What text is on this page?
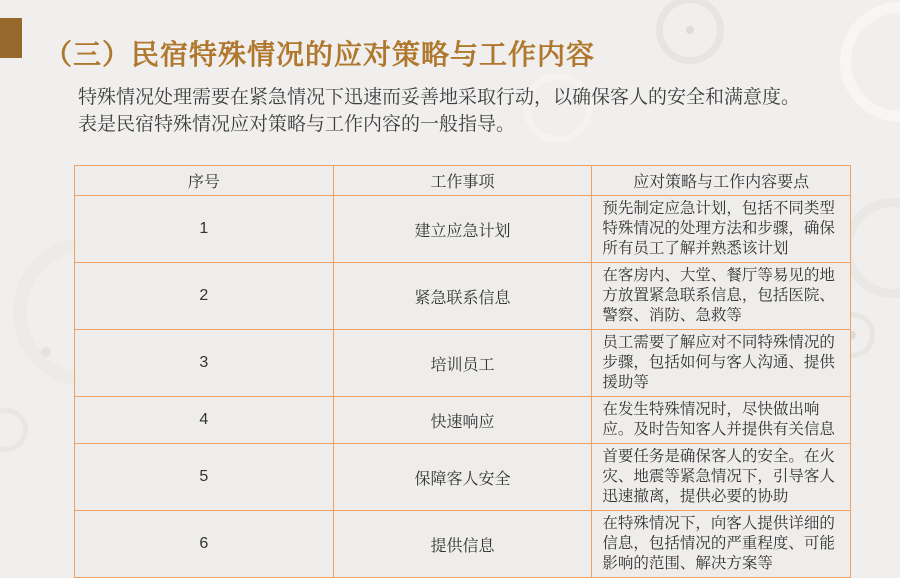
（三）民宿特殊情况的应对策略与工作内容
特殊情况处理需要在紧急情况下迅速而妥善地采取行动，以确保客人的安全和满意度。
表是民宿特殊情况应对策略与工作内容的一般指导。
序号	工作事项	应对策略与工作内容要点
1	建立应急计划	预先制定应急计划，包括不同类型特殊情况的处理方法和步骤，确保所有员工了解并熟悉该计划
2	紧急联系信息	在客房内、大堂、餐厅等易见的地方放置紧急联系信息，包括医院、警察、消防、急救等
3	培训员工	员工需要了解应对不同特殊情况的步骤，包括如何与客人沟通、提供援助等
4	快速响应	在发生特殊情况时，尽快做出响应。及时告知客人并提供有关信息
5	保障客人安全	首要任务是确保客人的安全。在火灾、地震等紧急情况下，引导客人迅速撤离，提供必要的协助
6	提供信息	在特殊情况下，向客人提供详细的信息，包括情况的严重程度、可能影响的范围、解决方案等
